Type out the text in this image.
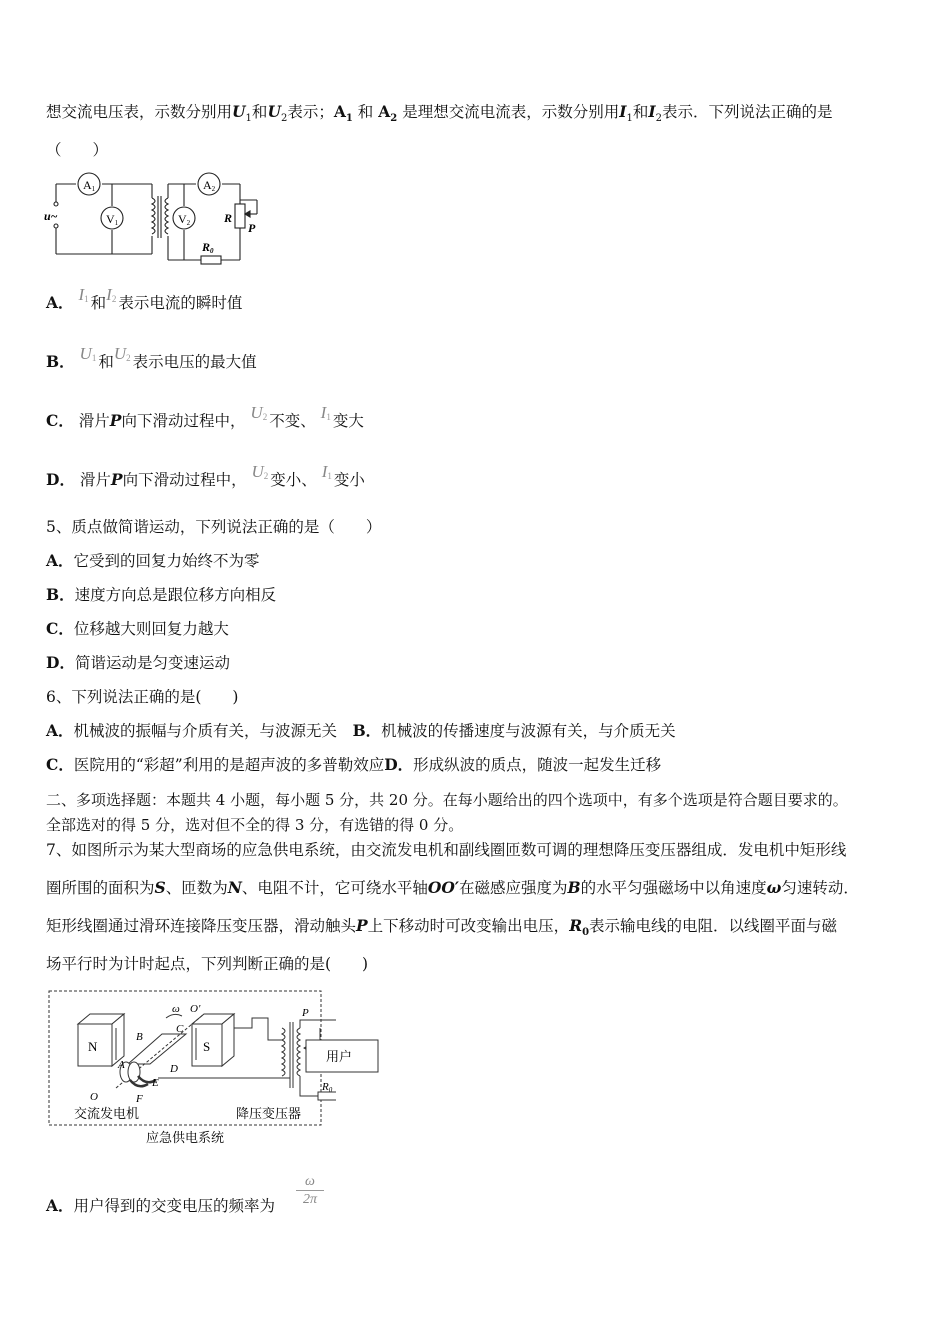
想交流电压表，示数分别用$U_1$和$U_2$表示；$A_1$ 和 $A_2$ 是理想交流电流表，示数分别用$I_1$和$I_2$表示．下列说法正确的是
（　　）
A1	A2
V1	V2
u~	R
P
R0
A． $I^1$ 和$I^2$ 表示电流的瞬时值
B． $U^1$ 和$U^2$ 表示电压的最大值
C． 滑片P向下滑动过程中， $U^2$ 不变、 $I^1$ 变大
D． 滑片P向下滑动过程中， $U^2$ 变小、 $I^1$ 变小
5、质点做简谐运动，下列说法正确的是（　　）
A．它受到的回复力始终不为零
B．速度方向总是跟位移方向相反
C．位移越大则回复力越大
D．简谐运动是匀变速运动
6、下列说法正确的是(　　)
A．机械波的振幅与介质有关，与波源无关　 B．机械波的传播速度与波源有关，与介质无关
C．医院用的“彩超”利用的是超声波的多普勒效应D．形成纵波的质点，随波一起发生迁移
二、多项选择题：本题共 4 小题，每小题 5 分，共 20 分。在每小题给出的四个选项中，有多个选项是符合题目要求的。
全部选对的得 5 分，选对但不全的得 3 分，有选错的得 0 分。
7、如图所示为某大型商场的应急供电系统，由交流发电机和副线圈匝数可调的理想降压变压器组成．发电机中矩形线
圈所围的面积为S、匝数为N、电阻不计，它可绕水平轴OO′在磁感应强度为B的水平匀强磁场中以角速度ω匀速转动．
矩形线圈通过滑环连接降压变压器，滑动触头P上下移动时可改变输出电压，$R_0$表示输电线的电阻．以线圈平面与磁
场平行时为计时起点，下列判断正确的是(　　)
N	S
B
C
A	D
E
F
ω O'
O
P
R0
交流发电机	降压变压器
应急供电系统
用户
A．用户得到的交变电压的频率为 $\frac{\omega}{2\pi}$
